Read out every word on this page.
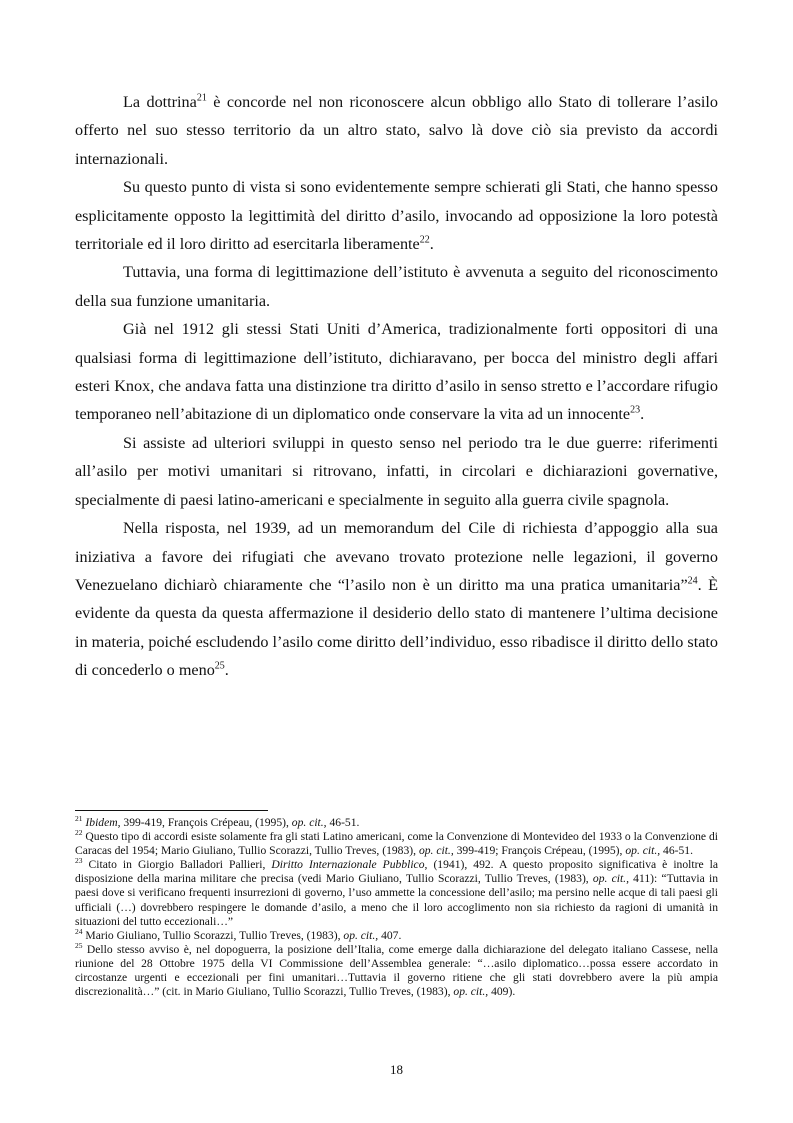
La dottrina$^{21}$ è concorde nel non riconoscere alcun obbligo allo Stato di tollerare l’asilo offerto nel suo stesso territorio da un altro stato, salvo là dove ciò sia previsto da accordi internazionali.

Su questo punto di vista si sono evidentemente sempre schierati gli Stati, che hanno spesso esplicitamente opposto la legittimità del diritto d’asilo, invocando ad opposizione la loro potestà territoriale ed il loro diritto ad esercitarla liberamente$^{22}$.

Tuttavia, una forma di legittimazione dell’istituto è avvenuta a seguito del riconoscimento della sua funzione umanitaria.

Già nel 1912 gli stessi Stati Uniti d’America, tradizionalmente forti oppositori di una qualsiasi forma di legittimazione dell’istituto, dichiaravano, per bocca del ministro degli affari esteri Knox, che andava fatta una distinzione tra diritto d’asilo in senso stretto e l’accordare rifugio temporaneo nell’abitazione di un diplomatico onde conservare la vita ad un innocente$^{23}$.

Si assiste ad ulteriori sviluppi in questo senso nel periodo tra le due guerre: riferimenti all’asilo per motivi umanitari si ritrovano, infatti, in circolari e dichiarazioni governative, specialmente di paesi latino-americani e specialmente in seguito alla guerra civile spagnola.

Nella risposta, nel 1939, ad un memorandum del Cile di richiesta d’appoggio alla sua iniziativa a favore dei rifugiati che avevano trovato protezione nelle legazioni, il governo Venezuelano dichiarò chiaramente che “l’asilo non è un diritto ma una pratica umanitaria”$^{24}$. È evidente da questa da questa affermazione il desiderio dello stato di mantenere l’ultima decisione in materia, poiché escludendo l’asilo come diritto dell’individuo, esso ribadisce il diritto dello stato di concederlo o meno$^{25}$.

$^{21}$ Ibidem, 399-419, François Crépeau, (1995), op. cit., 46-51.

$^{22}$ Questo tipo di accordi esiste solamente fra gli stati Latino americani, come la Convenzione di Montevideo del 1933 o la Convenzione di Caracas del 1954; Mario Giuliano, Tullio Scorazzi, Tullio Treves, (1983), op. cit., 399-419; François Crépeau, (1995), op. cit., 46-51.

$^{23}$ Citato in Giorgio Balladori Pallieri, Diritto Internazionale Pubblico, (1941), 492. A questo proposito significativa è inoltre la disposizione della marina militare che precisa (vedi Mario Giuliano, Tullio Scorazzi, Tullio Treves, (1983), op. cit., 411): “Tuttavia in paesi dove si verificano frequenti insurrezioni di governo, l’uso ammette la concessione dell’asilo; ma persino nelle acque di tali paesi gli ufficiali (…) dovrebbero respingere le domande d’asilo, a meno che il loro accoglimento non sia richiesto da ragioni di umanità in situazioni del tutto eccezionali…”

$^{24}$ Mario Giuliano, Tullio Scorazzi, Tullio Treves, (1983), op. cit., 407.

$^{25}$ Dello stesso avviso è, nel dopoguerra, la posizione dell’Italia, come emerge dalla dichiarazione del delegato italiano Cassese, nella riunione del 28 Ottobre 1975 della VI Commissione dell’Assemblea generale: “…asilo diplomatico…possa essere accordato in circostanze urgenti e eccezionali per fini umanitari…Tuttavia il governo ritiene che gli stati dovrebbero avere la più ampia discrezionalità…” (cit. in Mario Giuliano, Tullio Scorazzi, Tullio Treves, (1983), op. cit., 409).

18
